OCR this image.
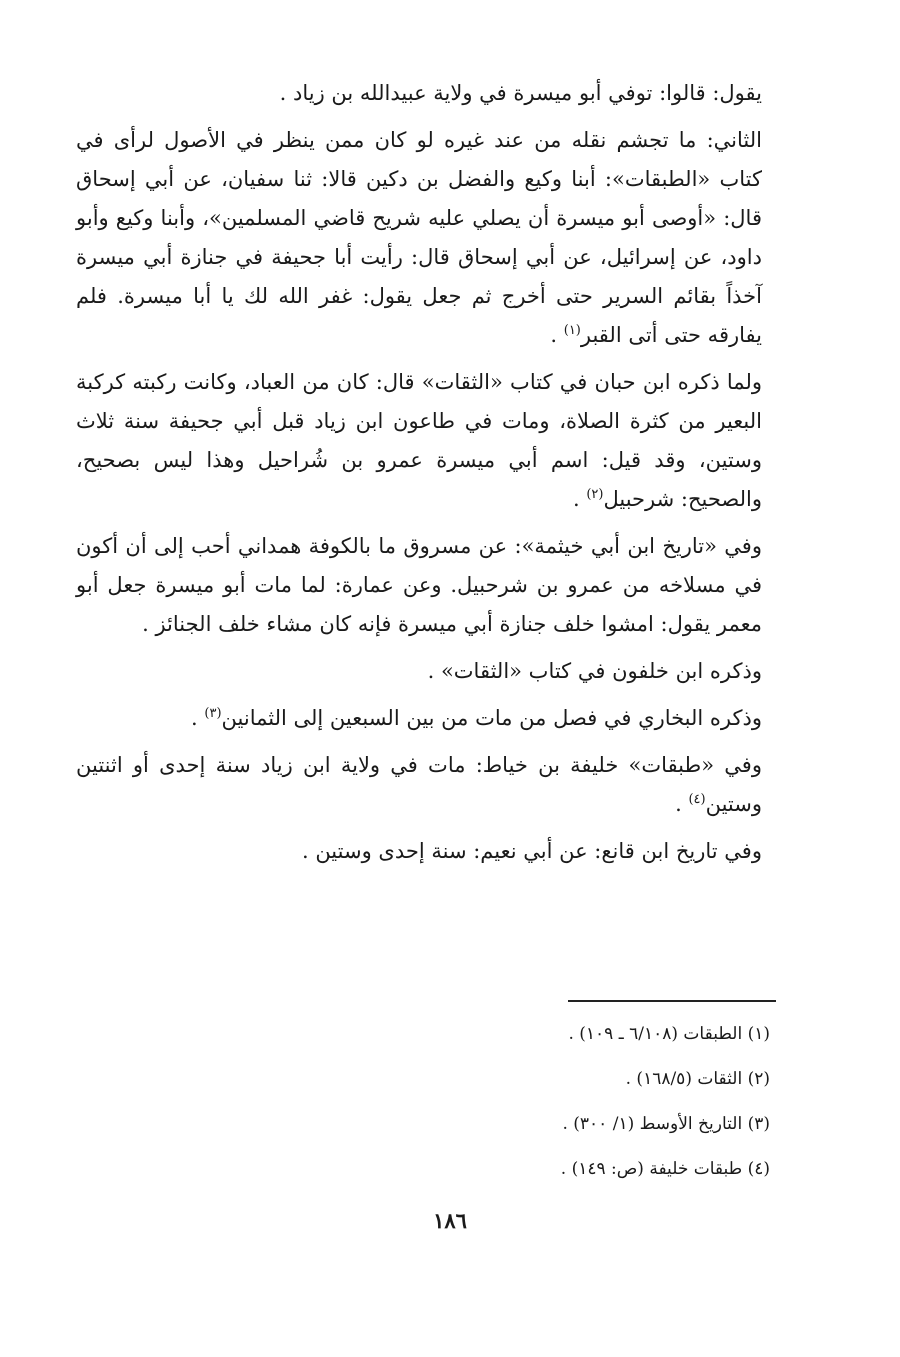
يقول: قالوا: توفي أبو ميسرة في ولاية عبيدالله بن زياد .

الثاني: ما تجشم نقله من عند غيره لو كان ممن ينظر في الأصول لرأى في كتاب «الطبقات»: أبنا وكيع والفضل بن دكين قالا: ثنا سفيان، عن أبي إسحاق قال: «أوصى أبو ميسرة أن يصلي عليه شريح قاضي المسلمين»، وأبنا وكيع وأبو داود، عن إسرائيل، عن أبي إسحاق قال: رأيت أبا جحيفة في جنازة أبي ميسرة آخذاً بقائم السرير حتى أخرج ثم جعل يقول: غفر الله لك يا أبا ميسرة. فلم يفارقه حتى أتى القبر$^{(١)}$ .

ولما ذكره ابن حبان في كتاب «الثقات» قال: كان من العباد، وكانت ركبته كركبة البعير من كثرة الصلاة، ومات في طاعون ابن زياد قبل أبي جحيفة سنة ثلاث وستين، وقد قيل: اسم أبي ميسرة عمرو بن شُراحيل وهذا ليس بصحيح، والصحيح: شرحبيل$^{(٢)}$ .

وفي «تاريخ ابن أبي خيثمة»: عن مسروق ما بالكوفة همداني أحب إلى أن أكون في مسلاخه من عمرو بن شرحبيل. وعن عمارة: لما مات أبو ميسرة جعل أبو معمر يقول: امشوا خلف جنازة أبي ميسرة فإنه كان مشاء خلف الجنائز .

وذكره ابن خلفون في كتاب «الثقات» .

وذكره البخاري في فصل من مات من بين السبعين إلى الثمانين$^{(٣)}$ .

وفي «طبقات» خليفة بن خياط: مات في ولاية ابن زياد سنة إحدى أو اثنتين وستين$^{(٤)}$ .

وفي تاريخ ابن قانع: عن أبي نعيم: سنة إحدى وستين .

(١) الطبقات (٦/١٠٨ ـ ١٠٩) .

(٢) الثقات (١٦٨/٥) .

(٣) التاريخ الأوسط (١/ ٣٠٠) .

(٤) طبقات خليفة (ص: ١٤٩) .

١٨٦
